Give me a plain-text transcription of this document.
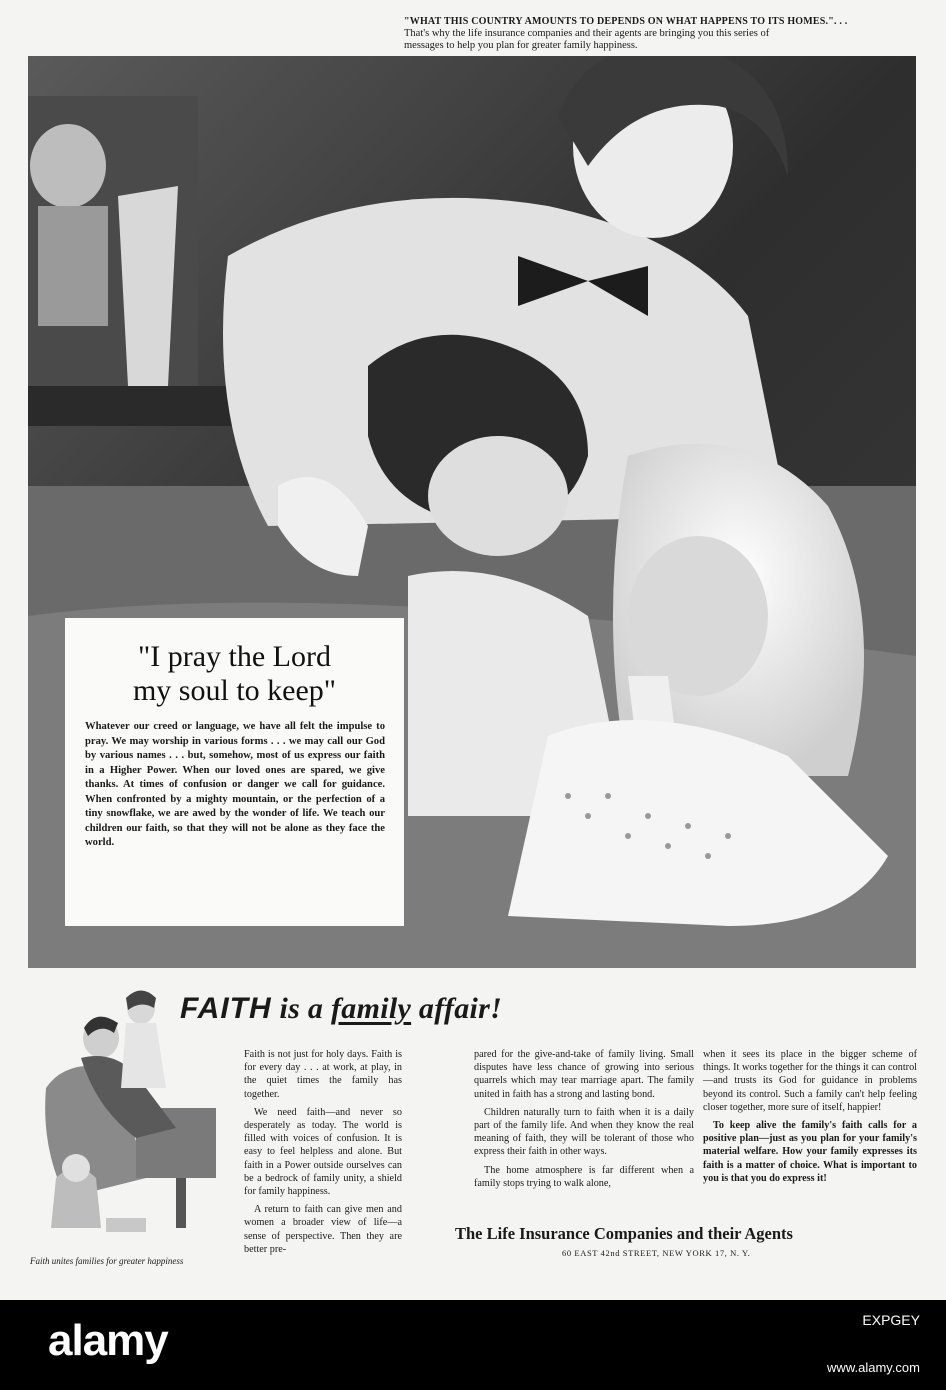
"WHAT THIS COUNTRY AMOUNTS TO DEPENDS ON WHAT HAPPENS TO ITS HOMES.". . .
That's why the life insurance companies and their agents are bringing you this series of
messages to help you plan for greater family happiness.
"I pray the Lord
my soul to keep"
Whatever our creed or language, we have all felt the impulse to pray. We may worship in various forms . . . we may call our God by various names . . . but, somehow, most of us express our faith in a Higher Power. When our loved ones are spared, we give thanks. At times of confusion or danger we call for guidance. When confronted by a mighty mountain, or the perfection of a tiny snowflake, we are awed by the wonder of life. We teach our children our faith, so that they will not be alone as they face the world.
Faith unites families for greater happiness
FAITH is a family affair!

Faith is not just for holy days. Faith is for every day . . . at work, at play, in the quiet times the family has together.

We need faith—and never so desperately as today. The world is filled with voices of confusion. It is easy to feel helpless and alone. But faith in a Power outside ourselves can be a bedrock of family unity, a shield for family happiness.

A return to faith can give men and women a broader view of life—a sense of perspective. Then they are better pre-

pared for the give-and-take of family living. Small disputes have less chance of growing into serious quarrels which may tear marriage apart. The family united in faith has a strong and lasting bond.

Children naturally turn to faith when it is a daily part of the family life. And when they know the real meaning of faith, they will be tolerant of those who express their faith in other ways.

The home atmosphere is far different when a family stops trying to walk alone,

when it sees its place in the bigger scheme of things. It works together for the things it can control—and trusts its God for guidance in problems beyond its control. Such a family can't help feeling closer together, more sure of itself, happier!

To keep alive the family's faith calls for a positive plan—just as you plan for your family's material welfare. How your family expresses its faith is a matter of choice. What is important to you is that you do express it!

The Life Insurance Companies and their Agents
60 EAST 42nd STREET, NEW YORK 17, N. Y.
alamy	EXPGEY
www.alamy.com
